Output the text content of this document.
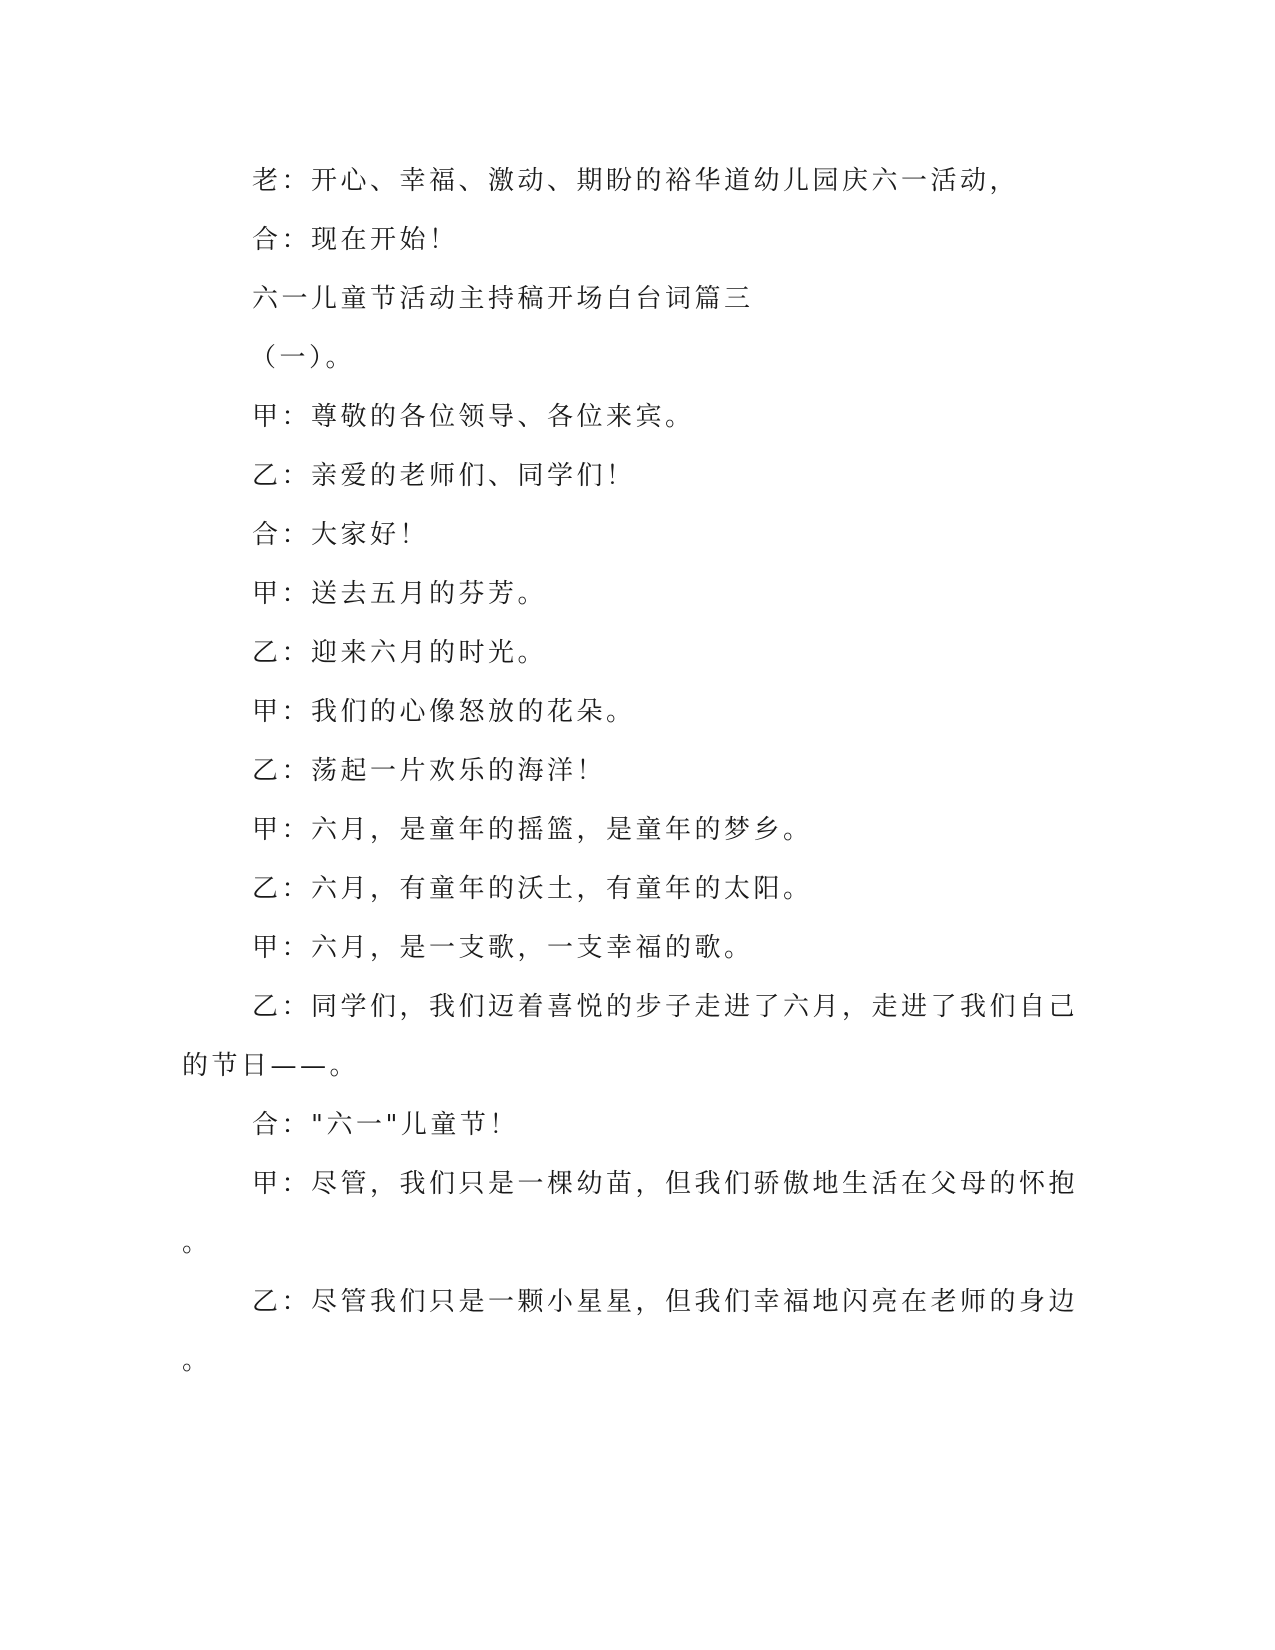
老：开心、幸福、激动、期盼的裕华道幼儿园庆六一活动，
合：现在开始！
六一儿童节活动主持稿开场白台词篇三
（一）。
甲：尊敬的各位领导、各位来宾。
乙：亲爱的老师们、同学们！
合：大家好！
甲：送去五月的芬芳。
乙：迎来六月的时光。
甲：我们的心像怒放的花朵。
乙：荡起一片欢乐的海洋！
甲：六月，是童年的摇篮，是童年的梦乡。
乙：六月，有童年的沃土，有童年的太阳。
甲：六月，是一支歌，一支幸福的歌。
乙：同学们，我们迈着喜悦的步子走进了六月，走进了我们自己
的节日——。
合："六一"儿童节！
甲：尽管，我们只是一棵幼苗，但我们骄傲地生活在父母的怀抱
。
乙：尽管我们只是一颗小星星，但我们幸福地闪亮在老师的身边
。
